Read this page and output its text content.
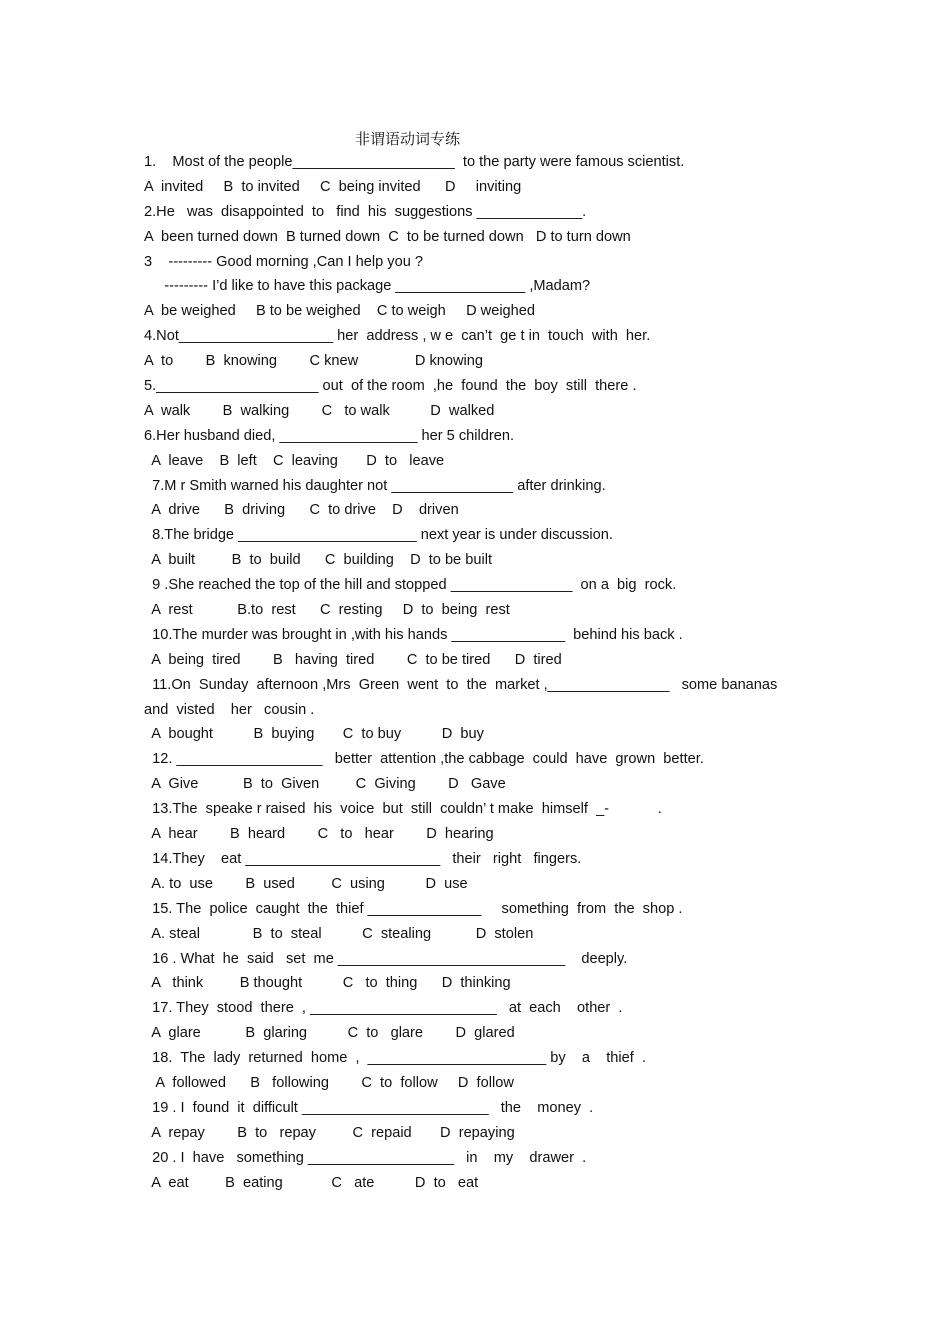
非谓语动词专练
1.    Most of the people____________________  to the party were famous scientist.
A  invited     B  to invited     C  being invited      D     inviting
2.He   was  disappointed  to   find  his  suggestions _____________.
A  been turned down  B turned down  C  to be turned down   D to turn down
3    --------- Good morning ,Can I help you ?
--------- I’d like to have this package ________________ ,Madam?
A  be weighed     B to be weighed    C to weigh     D weighed
4.Not___________________ her  address , w e  can’t  ge t in  touch  with  her.
A  to        B  knowing        C knew              D knowing
5.____________________ out  of the room  ,he  found  the  boy  still  there .
A  walk        B  walking        C   to walk          D  walked
6.Her husband died, _________________ her 5 children.
A  leave    B  left    C  leaving       D  to   leave
7.M r Smith warned his daughter not _______________ after drinking.
A  drive      B  driving      C  to drive    D    driven
8.The bridge ______________________ next year is under discussion.
A  built         B  to  build      C  building    D  to be built
9 .She reached the top of the hill and stopped _______________  on a  big  rock.
A  rest           B.to  rest      C  resting     D  to  being  rest
10.The murder was brought in ,with his hands ______________  behind his back .
A  being  tired        B   having  tired        C  to be tired      D  tired
11.On  Sunday  afternoon ,Mrs  Green  went  to  the  market ,_______________   some bananas
and  visted    her   cousin .
A  bought          B  buying       C  to buy          D  buy
12. __________________   better  attention ,the cabbage  could  have  grown  better.
A  Give           B  to  Given         C  Giving        D   Gave
13.The  speake r raised  his  voice  but  still  couldn’ t make  himself  _-            .
A  hear        B  heard        C   to   hear        D  hearing
14.They    eat ________________________   their   right   fingers.
A. to  use        B  used         C  using          D  use
15. The  police  caught  the  thief ______________     something  from  the  shop .
A. steal             B  to  steal          C  stealing           D  stolen
16 . What  he  said   set  me ____________________________    deeply.
A   think         B thought          C   to  thing      D  thinking
17. They  stood  there  , _______________________   at  each    other  .
A  glare           B  glaring          C  to   glare        D  glared
18.  The  lady  returned  home  ,  ______________________ by    a    thief  .
A  followed      B   following        C  to  follow     D  follow
19 . I  found  it  difficult _______________________   the    money  .
A  repay        B  to   repay         C  repaid       D  repaying
20 . I  have   something __________________   in    my    drawer  .
A  eat         B  eating            C   ate          D  to   eat
